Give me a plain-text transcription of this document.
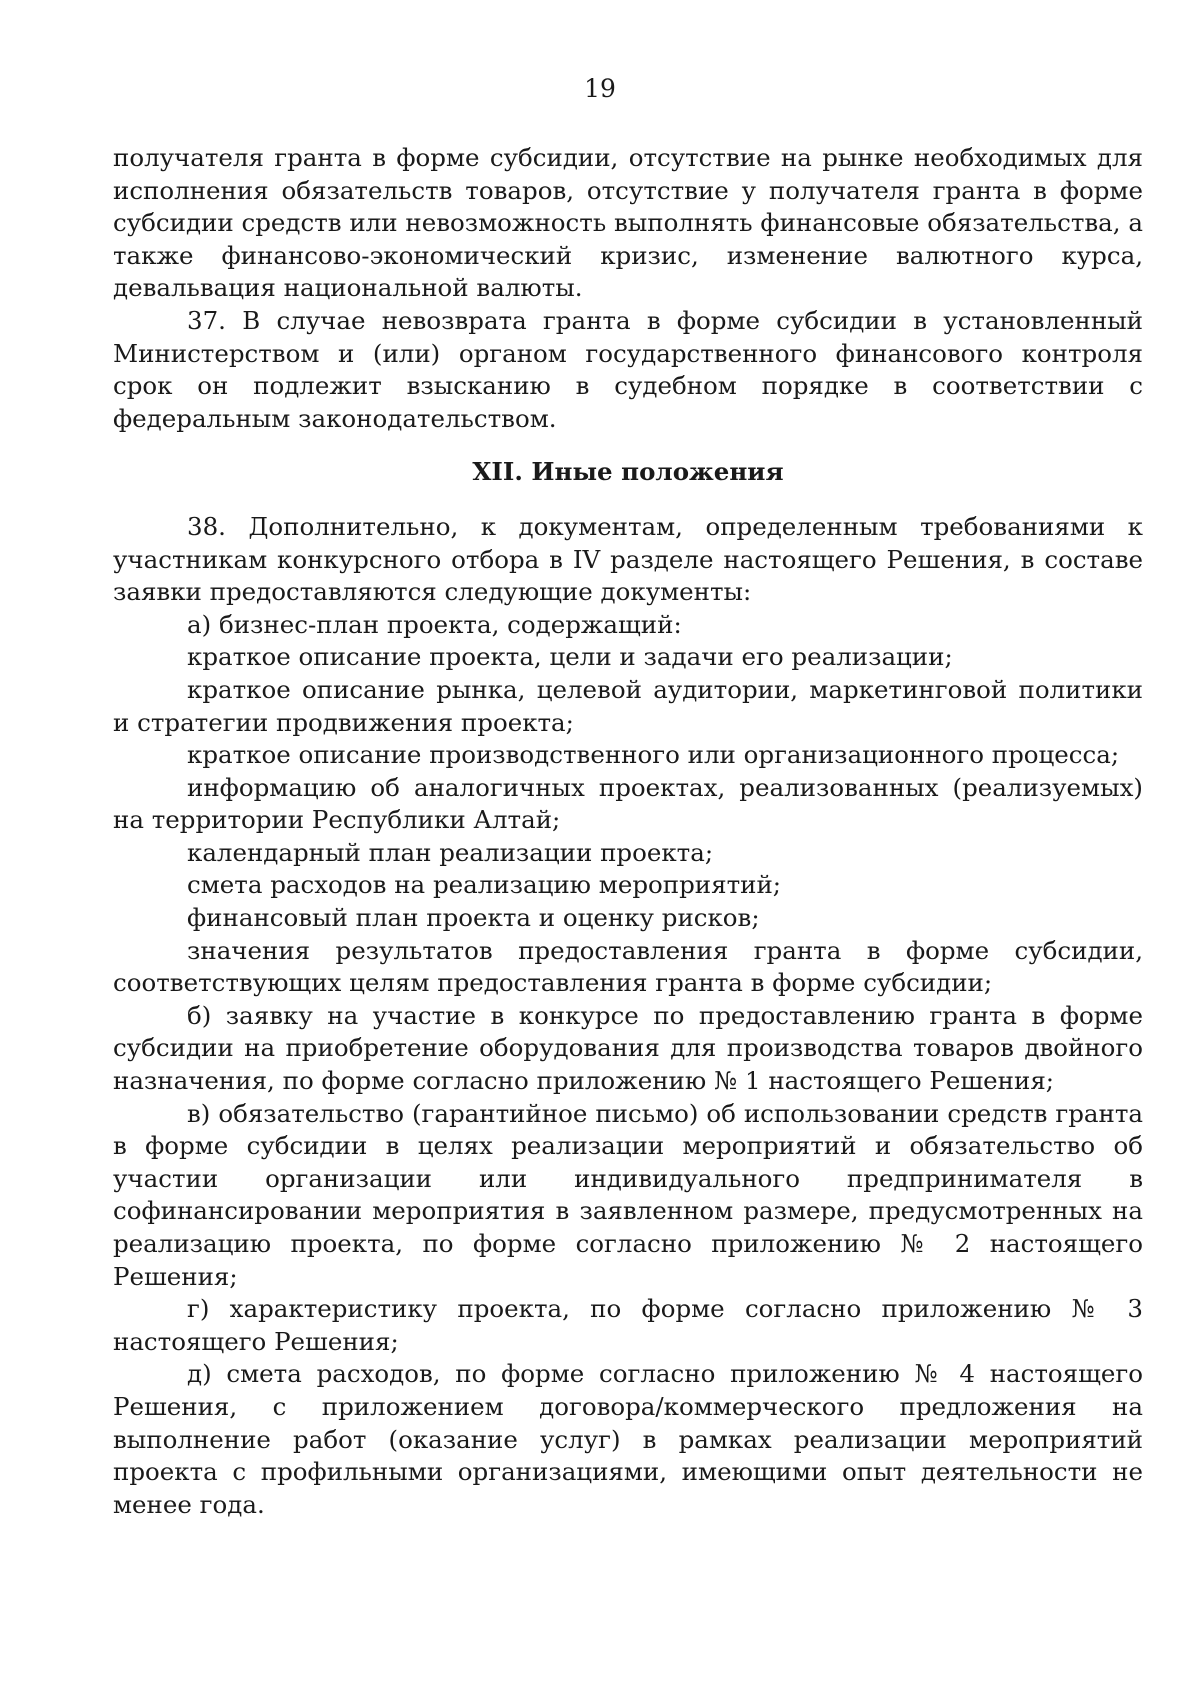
19

получателя гранта в форме субсидии, отсутствие на рынке необходимых для исполнения обязательств товаров, отсутствие у получателя гранта в форме субсидии средств или невозможность выполнять финансовые обязательства, а также финансово-экономический кризис, изменение валютного курса, девальвация национальной валюты.

37. В случае невозврата гранта в форме субсидии в установленный Министерством и (или) органом государственного финансового контроля срок он подлежит взысканию в судебном порядке в соответствии с федеральным законодательством.

XII. Иные положения

38. Дополнительно, к документам, определенным требованиями к участникам конкурсного отбора в IV разделе настоящего Решения, в составе заявки предоставляются следующие документы:

а) бизнес-план проекта, содержащий:

краткое описание проекта, цели и задачи его реализации;

краткое описание рынка, целевой аудитории, маркетинговой политики и стратегии продвижения проекта;

краткое описание производственного или организационного процесса;

информацию об аналогичных проектах, реализованных (реализуемых) на территории Республики Алтай;

календарный план реализации проекта;

смета расходов на реализацию мероприятий;

финансовый план проекта и оценку рисков;

значения результатов предоставления гранта в форме субсидии, соответствующих целям предоставления гранта в форме субсидии;

б) заявку на участие в конкурсе по предоставлению гранта в форме субсидии на приобретение оборудования для производства товаров двойного назначения, по форме согласно приложению № 1 настоящего Решения;

в) обязательство (гарантийное письмо) об использовании средств гранта в форме субсидии в целях реализации мероприятий и обязательство об участии организации или индивидуального предпринимателя в софинансировании мероприятия в заявленном размере, предусмотренных на реализацию проекта, по форме согласно приложению № 2 настоящего Решения;

г) характеристику проекта, по форме согласно приложению № 3 настоящего Решения;

д) смета расходов, по форме согласно приложению № 4 настоящего Решения, с приложением договора/коммерческого предложения на выполнение работ (оказание услуг) в рамках реализации мероприятий проекта с профильными организациями, имеющими опыт деятельности не менее года.
